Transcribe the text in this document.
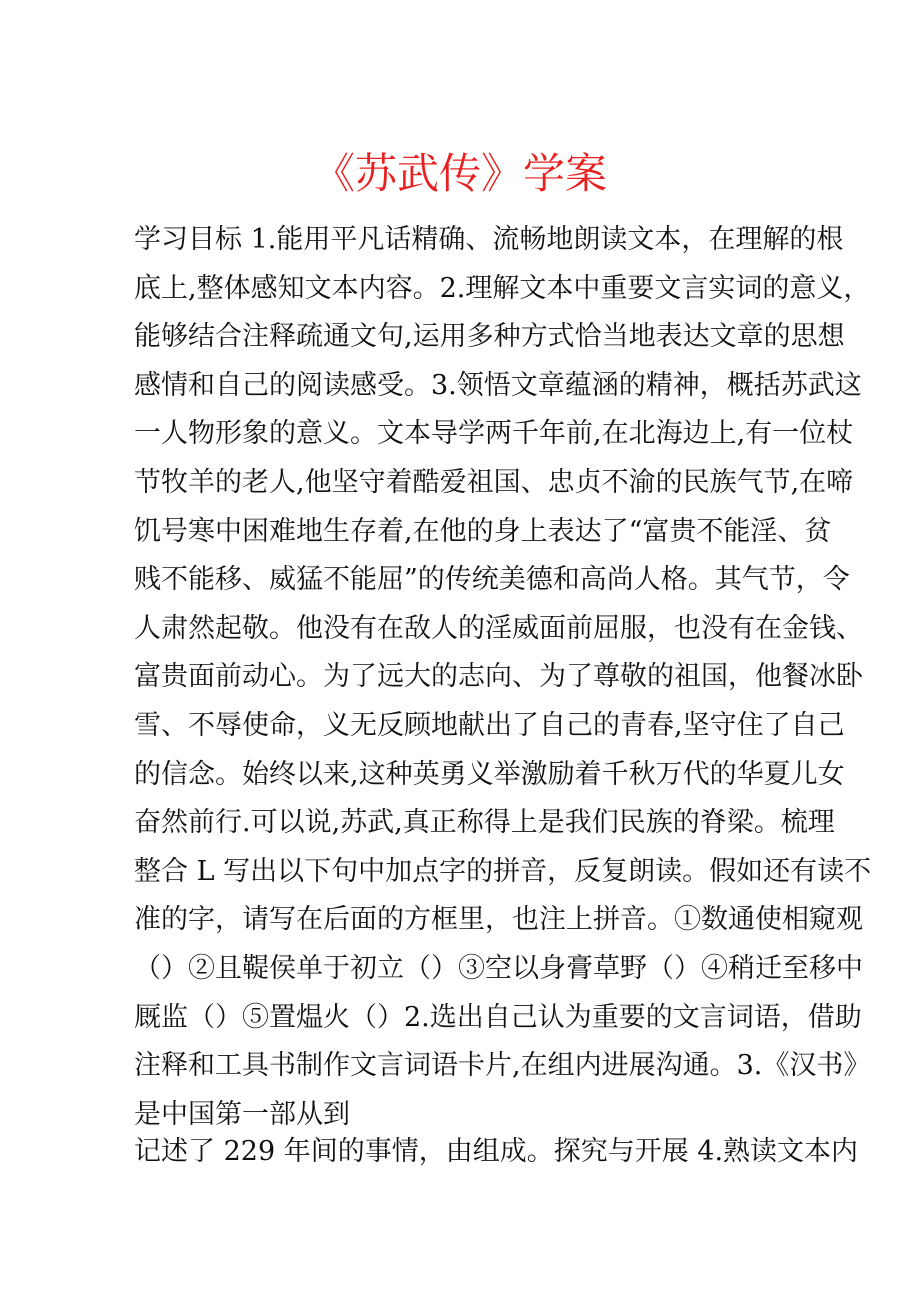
《苏武传》学案
学习目标 1.能用平凡话精确、流畅地朗读文本，在理解的根
底上,整体感知文本内容。2.理解文本中重要文言实词的意义，
能够结合注释疏通文句,运用多种方式恰当地表达文章的思想
感情和自己的阅读感受。3.领悟文章蕴涵的精神，概括苏武这
一人物形象的意义。文本导学两千年前,在北海边上,有一位杖
节牧羊的老人,他坚守着酷爱祖国、忠贞不渝的民族气节,在啼
饥号寒中困难地生存着,在他的身上表达了“富贵不能淫、贫
贱不能移、威猛不能屈”的传统美德和高尚人格。其气节，令
人肃然起敬。他没有在敌人的淫威面前屈服，也没有在金钱、
富贵面前动心。为了远大的志向、为了尊敬的祖国，他餐冰卧
雪、不辱使命，义无反顾地献出了自己的青春,坚守住了自己
的信念。始终以来,这种英勇义举激励着千秋万代的华夏儿女
奋然前行.可以说,苏武,真正称得上是我们民族的脊梁。梳理
整合 L 写出以下句中加点字的拼音，反复朗读。假如还有读不
准的字，请写在后面的方框里，也注上拼音。①数通使相窥观
（）②且鞮侯单于初立（）③空以身膏草野（）④稍迁至移中
厩监（）⑤置煴火（）2.选出自己认为重要的文言词语，借助
注释和工具书制作文言词语卡片,在组内进展沟通。3.《汉书》
是中国第一部从到
记述了 229 年间的事情，由组成。探究与开展 4.熟读文本内
